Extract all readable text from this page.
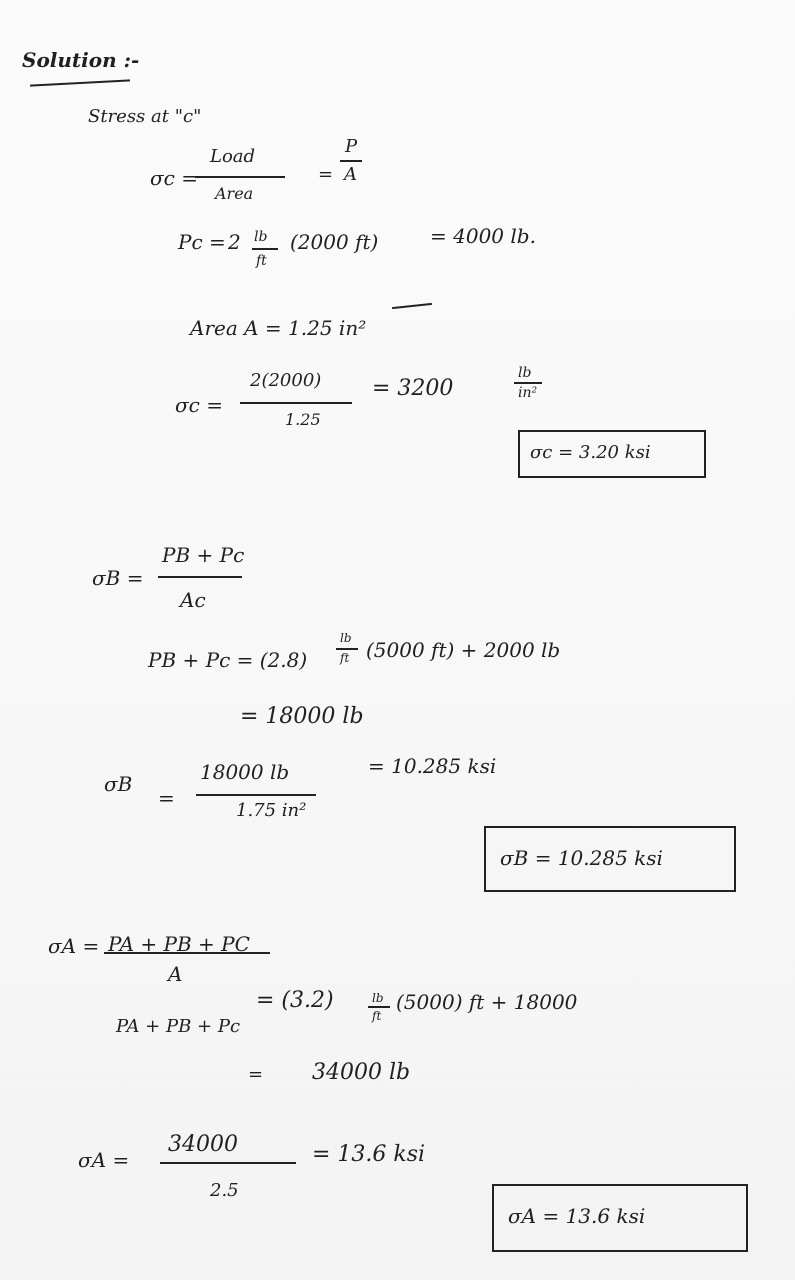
Solution :-
Stress at "c"
σc =
Load
Area
=
P
A
Pc = 2 lb
ft
(2000 ft)	= 4000 lb.
Area A = 1.25 in²
σc =
2(2000)
1.25
= 3200
lb
in²
σc = 3.20 ksi
σB =
PB + Pc
Ac
PB + Pc = (2.8)
lb
ft (5000 ft) + 2000 lb
= 18000 lb
σB
=
18000 lb
1.75 in²
= 10.285 ksi
σB = 10.285 ksi
σA = PA + PB + PC
A
PA + PB + Pc
= (3.2)	lb
ft
(5000) ft + 18000
= 34000 lb
σA =
34000
2.5
= 13.6 ksi
σA = 13.6 ksi
